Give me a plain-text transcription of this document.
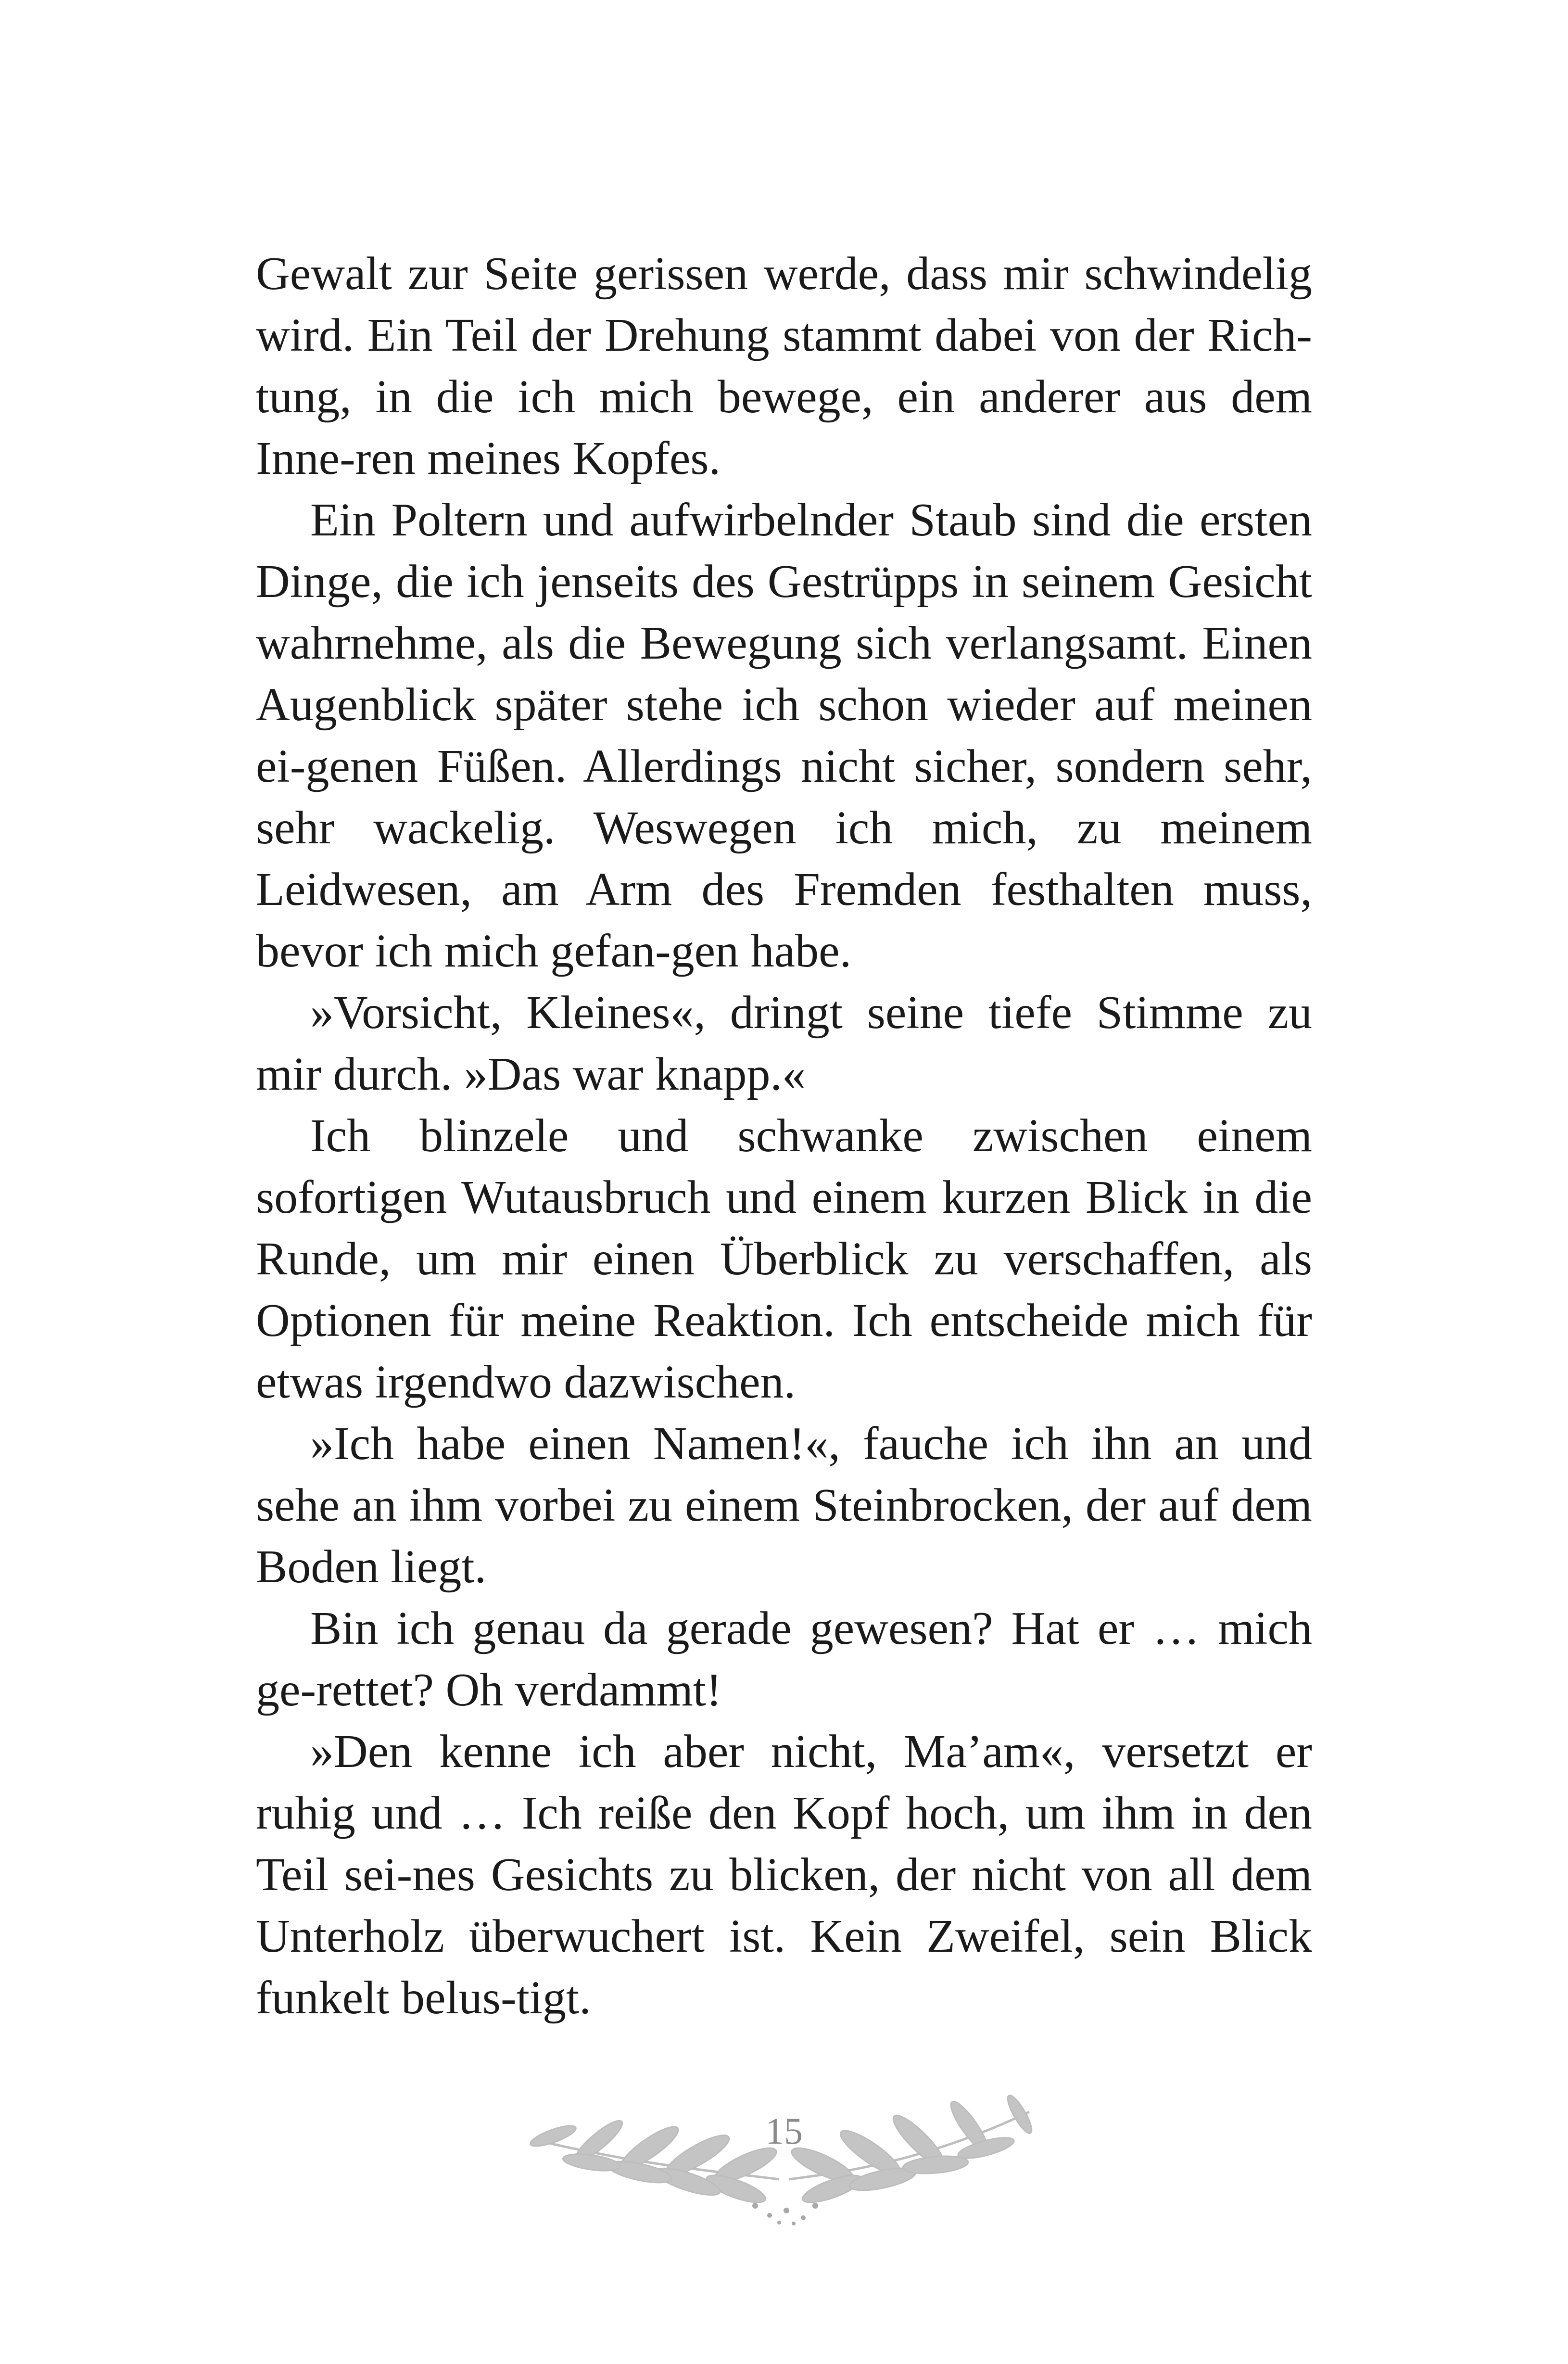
Gewalt zur Seite gerissen werde, dass mir schwindelig wird. Ein Teil der Drehung stammt dabei von der Rich-tung, in die ich mich bewege, ein anderer aus dem Inne-ren meines Kopfes.

Ein Poltern und aufwirbelnder Staub sind die ersten Dinge, die ich jenseits des Gestrüpps in seinem Gesicht wahrnehme, als die Bewegung sich verlangsamt. Einen Augenblick später stehe ich schon wieder auf meinen ei-genen Füßen. Allerdings nicht sicher, sondern sehr, sehr wackelig. Weswegen ich mich, zu meinem Leidwesen, am Arm des Fremden festhalten muss, bevor ich mich gefan-gen habe.

»Vorsicht, Kleines«, dringt seine tiefe Stimme zu mir durch. »Das war knapp.«

Ich blinzele und schwanke zwischen einem sofortigen Wutausbruch und einem kurzen Blick in die Runde, um mir einen Überblick zu verschaffen, als Optionen für meine Reaktion. Ich entscheide mich für etwas irgendwo dazwischen.

»Ich habe einen Namen!«, fauche ich ihn an und sehe an ihm vorbei zu einem Steinbrocken, der auf dem Boden liegt.

Bin ich genau da gerade gewesen? Hat er … mich ge-rettet? Oh verdammt!

»Den kenne ich aber nicht, Ma’am«, versetzt er ruhig und … Ich reiße den Kopf hoch, um ihm in den Teil sei-nes Gesichts zu blicken, der nicht von all dem Unterholz überwuchert ist. Kein Zweifel, sein Blick funkelt belus-tigt.

15
